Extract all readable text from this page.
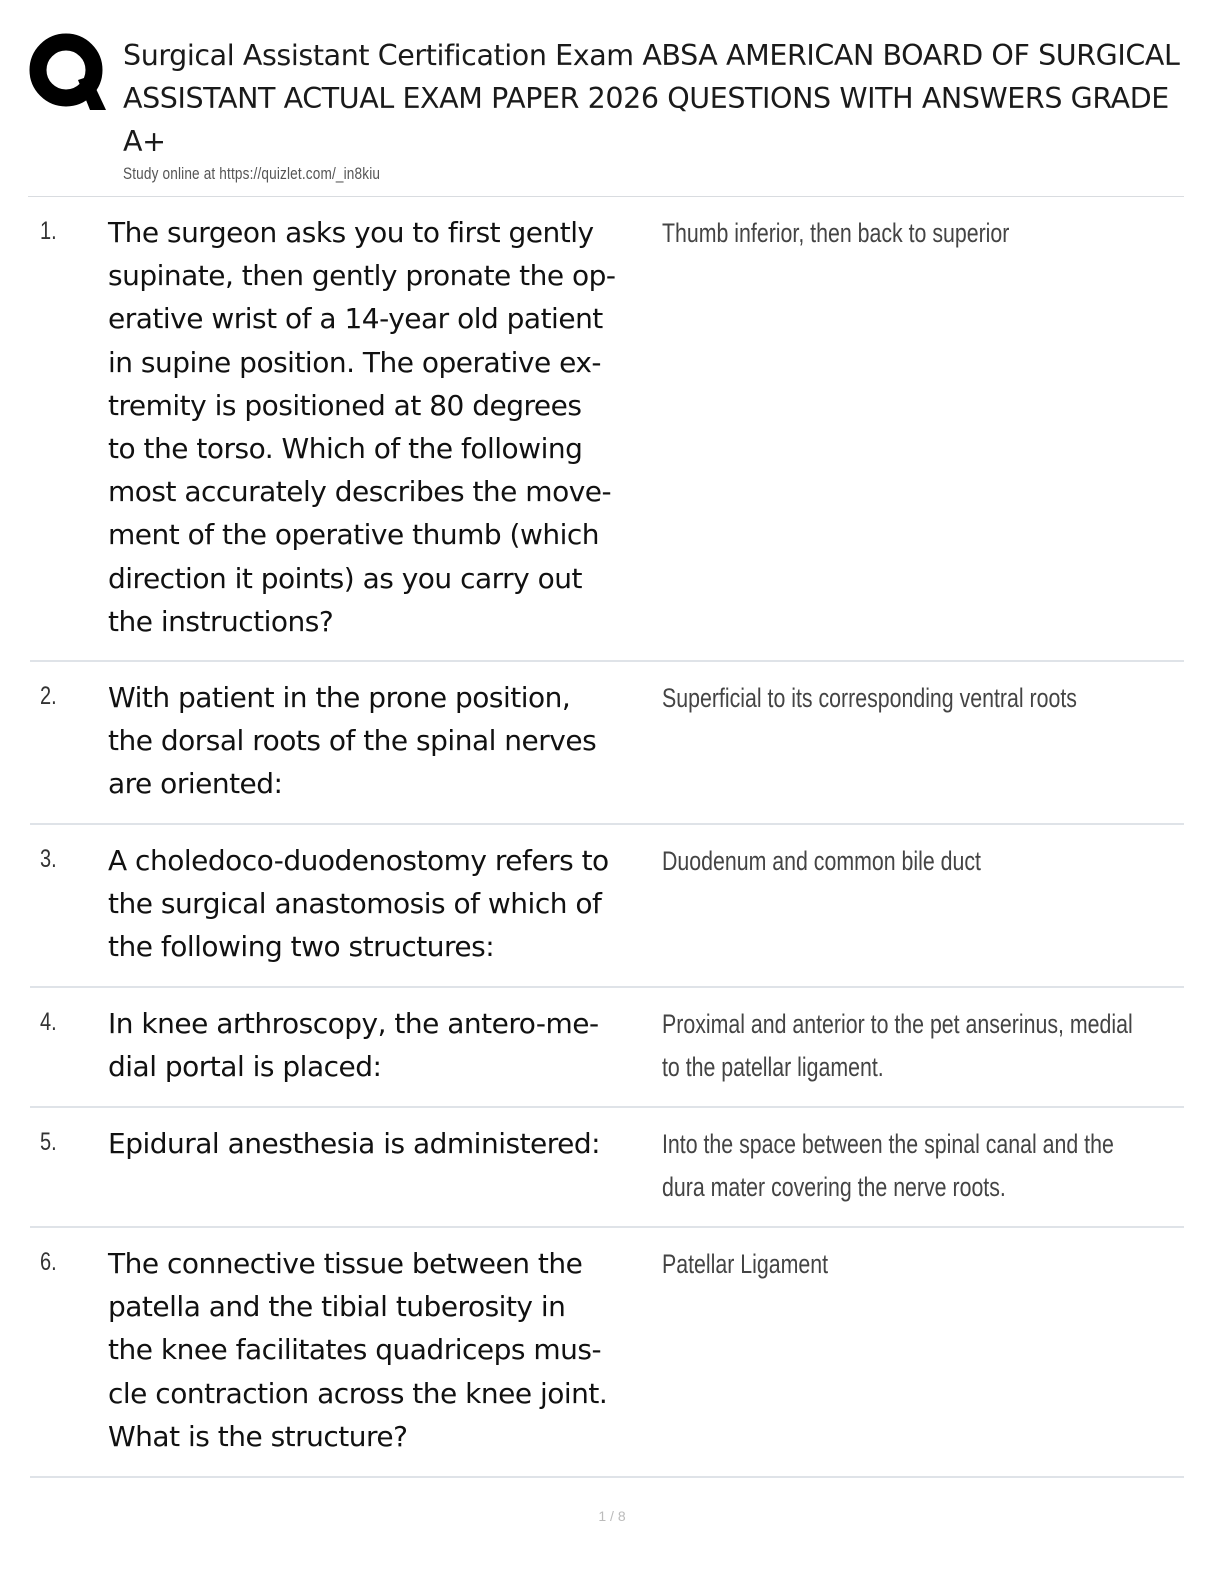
Surgical Assistant Certification Exam ABSA AMERICAN BOARD OF SURGICAL
ASSISTANT ACTUAL EXAM PAPER 2026 QUESTIONS WITH ANSWERS GRADE
A+
Study online at https://quizlet.com/_in8kiu
1. The surgeon asks you to first gently
supinate, then gently pronate the op-
erative wrist of a 14-year old patient
in supine position. The operative ex-
tremity is positioned at 80 degrees
to the torso. Which of the following
most accurately describes the move-
ment of the operative thumb (which
direction it points) as you carry out
the instructions?
Thumb inferior, then back to superior
2. With patient in the prone position,
the dorsal roots of the spinal nerves
are oriented:
Superficial to its corresponding ventral roots
3. A choledoco-duodenostomy refers to
the surgical anastomosis of which of
the following two structures:
Duodenum and common bile duct
4. In knee arthroscopy, the antero-me-
dial portal is placed:
Proximal and anterior to the pet anserinus, medial
to the patellar ligament.
5. Epidural anesthesia is administered:	Into the space between the spinal canal and the
dura mater covering the nerve roots.
6. The connective tissue between the
patella and the tibial tuberosity in
the knee facilitates quadriceps mus-
cle contraction across the knee joint.
What is the structure?
Patellar Ligament
1 / 8
